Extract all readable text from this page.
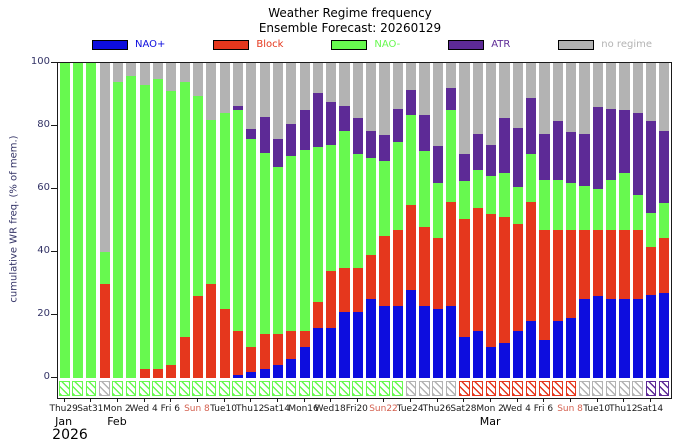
Weather Regime frequency
Ensemble Forecast: 20260129
NAO+	Block	NAO-	ATR	no regime
cumulative WR freq. (% of mem.)
0
20
40
60
80
100
Thu29 Sat31 Mon 2
Wed 4 Fri 6 Sun 8 Tue10 Thu12 Sat14
Mon16
Wed18 Fri20 Sun22
Tue24 Thu26 Sat28 Mon 2
Wed 4 Fri 6 Sun 8 Tue10 Thu12 Sat14
Jan	Feb	Mar
2026
